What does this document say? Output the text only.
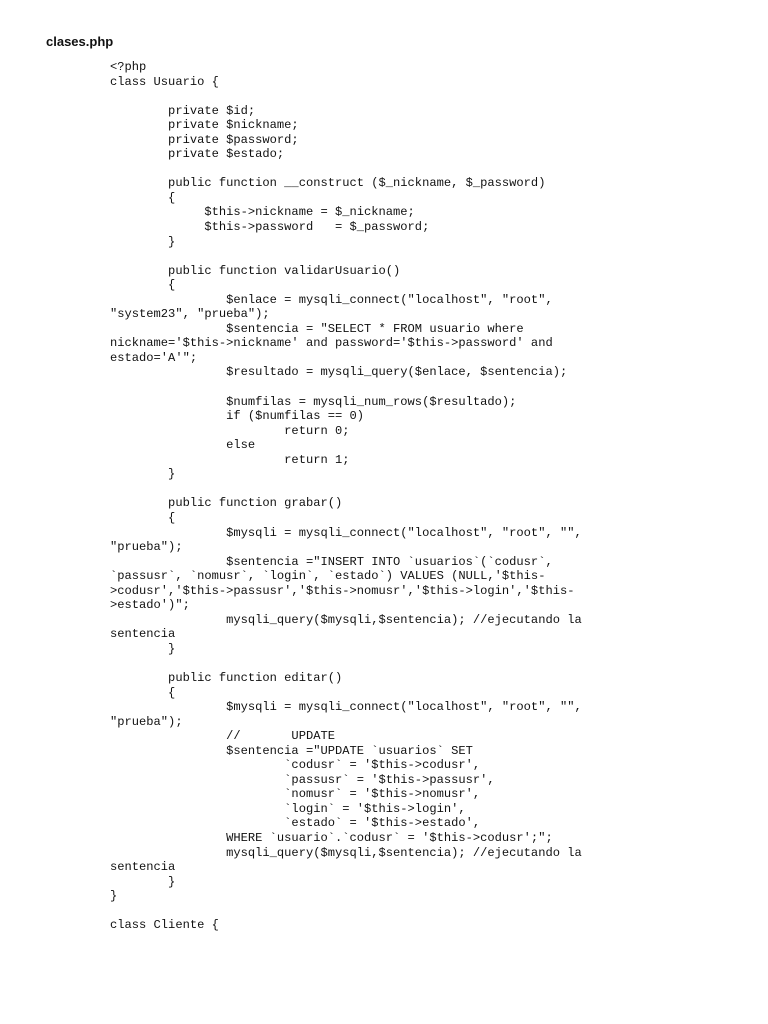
clases.php
<?php
class Usuario {

private $id;
private $nickname;
private $password;
private $estado;

public function __construct ($_nickname, $_password)
{
$this->nickname = $_nickname;
$this->password   = $_password;
}

public function validarUsuario()
{
$enlace = mysqli_connect("localhost", "root",
"system23", "prueba");
$sentencia = "SELECT * FROM usuario where
nickname='$this->nickname' and password='$this->password' and
estado='A'";
$resultado = mysqli_query($enlace, $sentencia);

$numfilas = mysqli_num_rows($resultado);
if ($numfilas == 0)
return 0;
else
return 1;
}

public function grabar()
{
$mysqli = mysqli_connect("localhost", "root", "",
"prueba");
$sentencia ="INSERT INTO `usuarios`(`codusr`,
`passusr`, `nomusr`, `login`, `estado`) VALUES (NULL,'$this-
>codusr','$this->passusr','$this->nomusr','$this->login','$this-
>estado')";
mysqli_query($mysqli,$sentencia); //ejecutando la
sentencia
}

public function editar()
{
$mysqli = mysqli_connect("localhost", "root", "",
"prueba");
//       UPDATE
$sentencia ="UPDATE `usuarios` SET
`codusr` = '$this->codusr',
`passusr` = '$this->passusr',
`nomusr` = '$this->nomusr',
`login` = '$this->login',
`estado` = '$this->estado',
WHERE `usuario`.`codusr` = '$this->codusr';";
mysqli_query($mysqli,$sentencia); //ejecutando la
sentencia
}
}

class Cliente {
